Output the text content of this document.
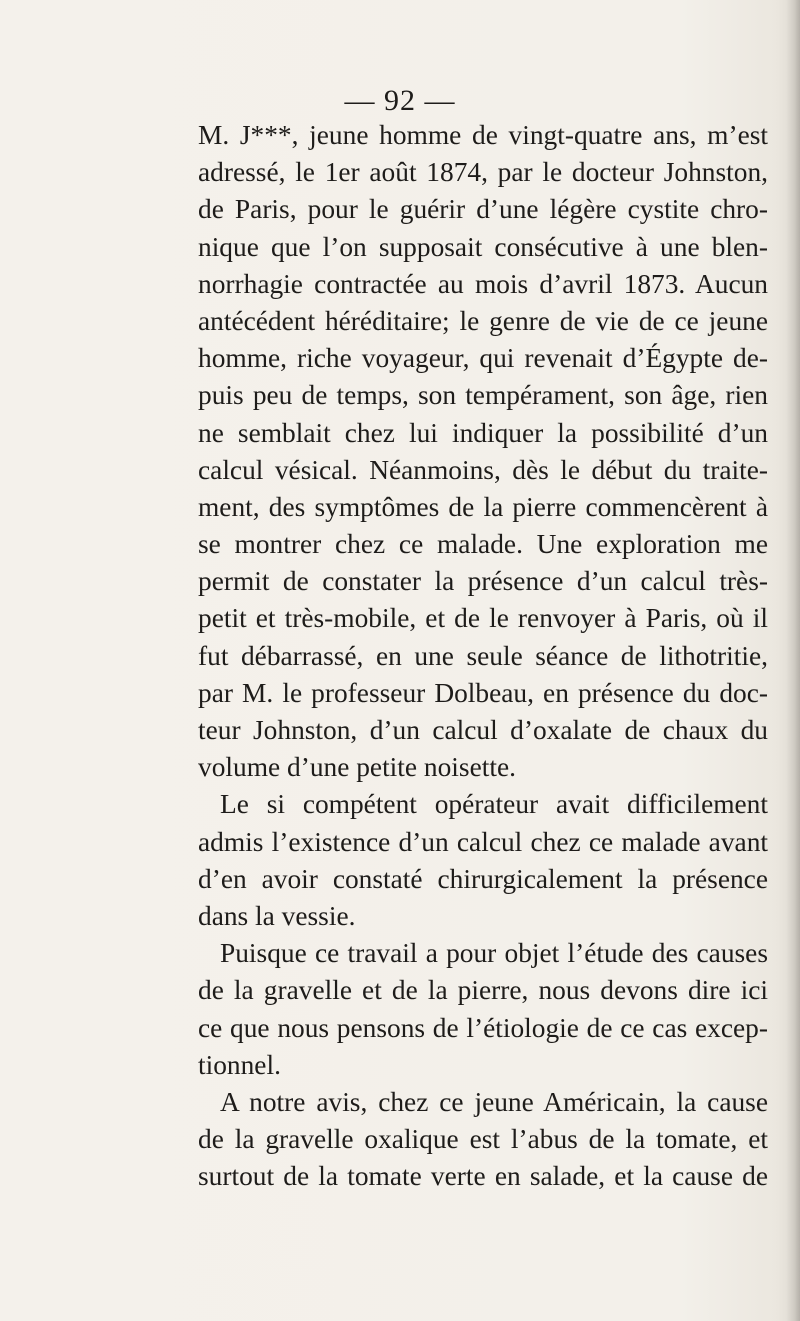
— 92 —
M. J***, jeune homme de vingt-quatre ans, m’est
adressé, le 1er août 1874, par le docteur Johnston,
de Paris, pour le guérir d’une légère cystite chro-
nique que l’on supposait consécutive à une blen-
norrhagie contractée au mois d’avril 1873. Aucun
antécédent héréditaire; le genre de vie de ce jeune
homme, riche voyageur, qui revenait d’Égypte de-
puis peu de temps, son tempérament, son âge, rien
ne semblait chez lui indiquer la possibilité d’un
calcul vésical. Néanmoins, dès le début du traite-
ment, des symptômes de la pierre commencèrent à
se montrer chez ce malade. Une exploration me
permit de constater la présence d’un calcul très-
petit et très-mobile, et de le renvoyer à Paris, où il
fut débarrassé, en une seule séance de lithotritie,
par M. le professeur Dolbeau, en présence du doc-
teur Johnston, d’un calcul d’oxalate de chaux du
volume d’une petite noisette.
Le si compétent opérateur avait difficilement
admis l’existence d’un calcul chez ce malade avant
d’en avoir constaté chirurgicalement la présence
dans la vessie.
Puisque ce travail a pour objet l’étude des causes
de la gravelle et de la pierre, nous devons dire ici
ce que nous pensons de l’étiologie de ce cas excep-
tionnel.
A notre avis, chez ce jeune Américain, la cause
de la gravelle oxalique est l’abus de la tomate, et
surtout de la tomate verte en salade, et la cause de
